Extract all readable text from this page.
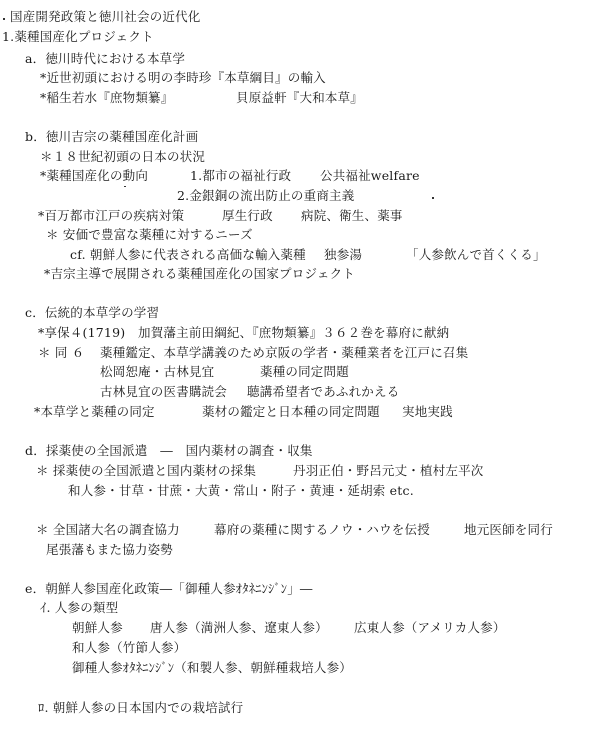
国産開発政策と徳川社会の近代化
1.薬種国産化プロジェクト
a．徳川時代における本草学
*近世初頭における明の李時珍『本草綱目』の輸入
*稲生若水『庶物類纂』	貝原益軒『大和本草』
b．徳川吉宗の薬種国産化計画
＊１８世紀初頭の日本の状況
*薬種国産化の動向	1.都市の福祉行政 公共福祉welfare
2.金銀銅の流出防止の重商主義
*百万都市江戸の疾病対策	厚生行政 病院、衛生、薬事
＊ 安価で豊富な薬種に対するニーズ
cf. 朝鮮人参に代表される高価な輸入薬種 独参湯	「人参飲んで首くくる」
*吉宗主導で展開される薬種国産化の国家プロジェクト
c．伝統的本草学の学習
*享保４(1719)　加賀藩主前田綱紀、『庶物類纂』３６２巻を幕府に献納
＊ 同 ６ 薬種鑑定、本草学講義のため京阪の学者・薬種業者を江戸に召集
松岡恕庵・古林見宜	薬種の同定問題
古林見宜の医書購読会 聴講希望者であふれかえる
*本草学と薬種の同定	薬材の鑑定と日本種の同定問題 実地実践
d．採薬使の全国派遣　―　国内薬材の調査・収集
＊ 採薬使の全国派遣と国内薬材の採集	丹羽正伯・野呂元丈・植村左平次
和人参・甘草・甘蔗・大黄・常山・附子・黄連・延胡索 etc.
＊ 全国諸大名の調査協力	幕府の薬種に関するノウ・ハウを伝授	地元医師を同行
尾張藩もまた協力姿勢
e．朝鮮人参国産化政策―「御種人参ｵﾀﾈﾆﾝｼﾞﾝ」―
ｲ. 人参の類型
朝鮮人参 唐人参（満洲人参、遼東人参） 広東人参（アメリカ人参）
和人参（竹節人参）
御種人参ｵﾀﾈﾆﾝｼﾞﾝ（和製人参、朝鮮種栽培人参）
ﾛ. 朝鮮人参の日本国内での栽培試行
